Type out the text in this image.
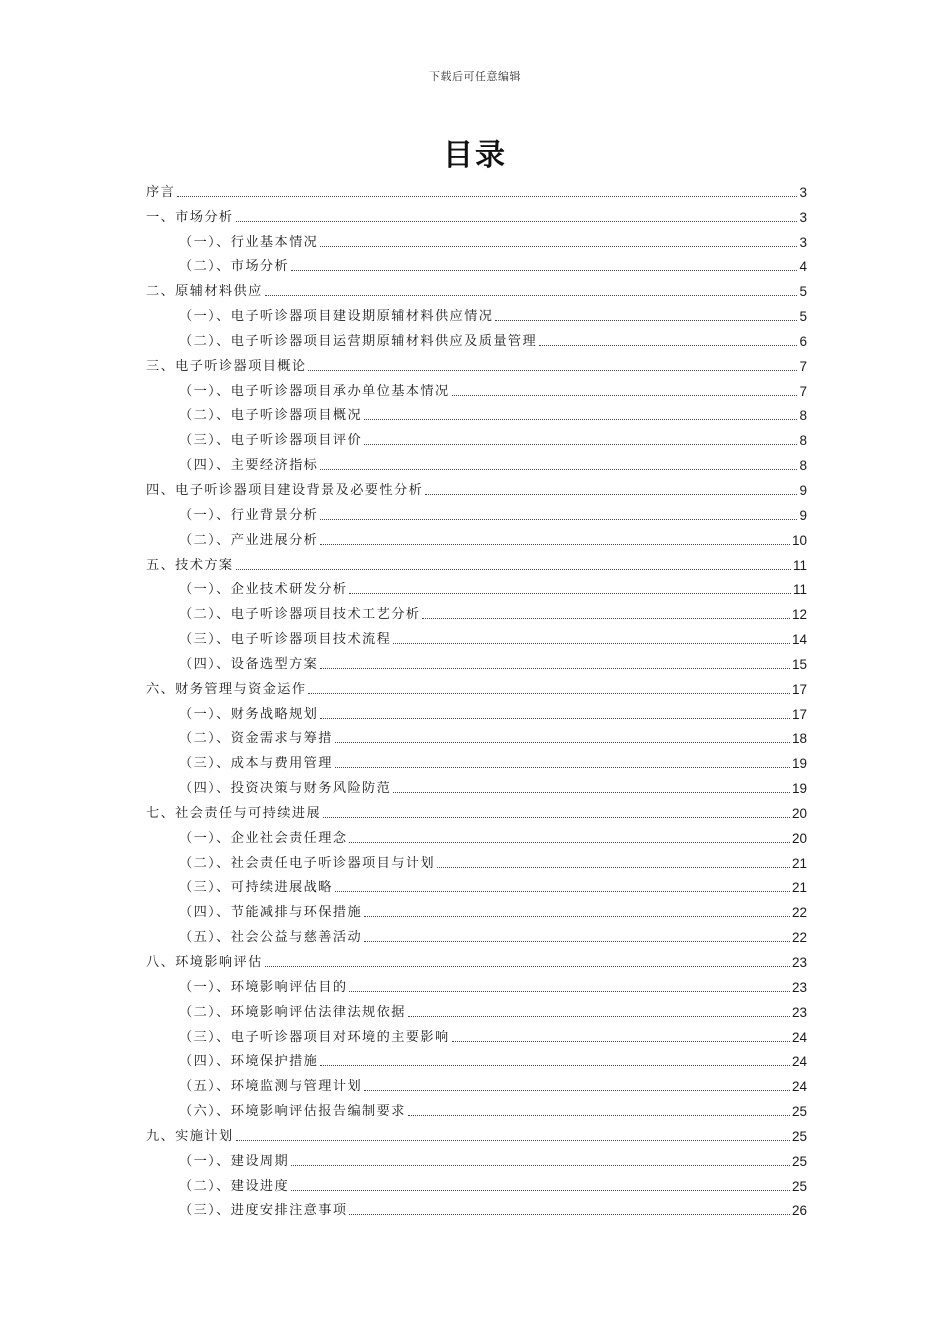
下载后可任意编辑
目录
序言	3
一、市场分析	3
（一）、行业基本情况	3
（二）、市场分析	4
二、原辅材料供应	5
（一）、电子听诊器项目建设期原辅材料供应情况	5
（二）、电子听诊器项目运营期原辅材料供应及质量管理	6
三、电子听诊器项目概论	7
（一）、电子听诊器项目承办单位基本情况	7
（二）、电子听诊器项目概况	8
（三）、电子听诊器项目评价	8
（四）、主要经济指标	8
四、电子听诊器项目建设背景及必要性分析	9
（一）、行业背景分析	9
（二）、产业进展分析	10
五、技术方案	11
（一）、企业技术研发分析	11
（二）、电子听诊器项目技术工艺分析	12
（三）、电子听诊器项目技术流程	14
（四）、设备选型方案	15
六、财务管理与资金运作	17
（一）、财务战略规划	17
（二）、资金需求与筹措	18
（三）、成本与费用管理	19
（四）、投资决策与财务风险防范	19
七、社会责任与可持续进展	20
（一）、企业社会责任理念	20
（二）、社会责任电子听诊器项目与计划	21
（三）、可持续进展战略	21
（四）、节能减排与环保措施	22
（五）、社会公益与慈善活动	22
八、环境影响评估	23
（一）、环境影响评估目的	23
（二）、环境影响评估法律法规依据	23
（三）、电子听诊器项目对环境的主要影响	24
（四）、环境保护措施	24
（五）、环境监测与管理计划	24
（六）、环境影响评估报告编制要求	25
九、实施计划	25
（一）、建设周期	25
（二）、建设进度	25
（三）、进度安排注意事项	26
